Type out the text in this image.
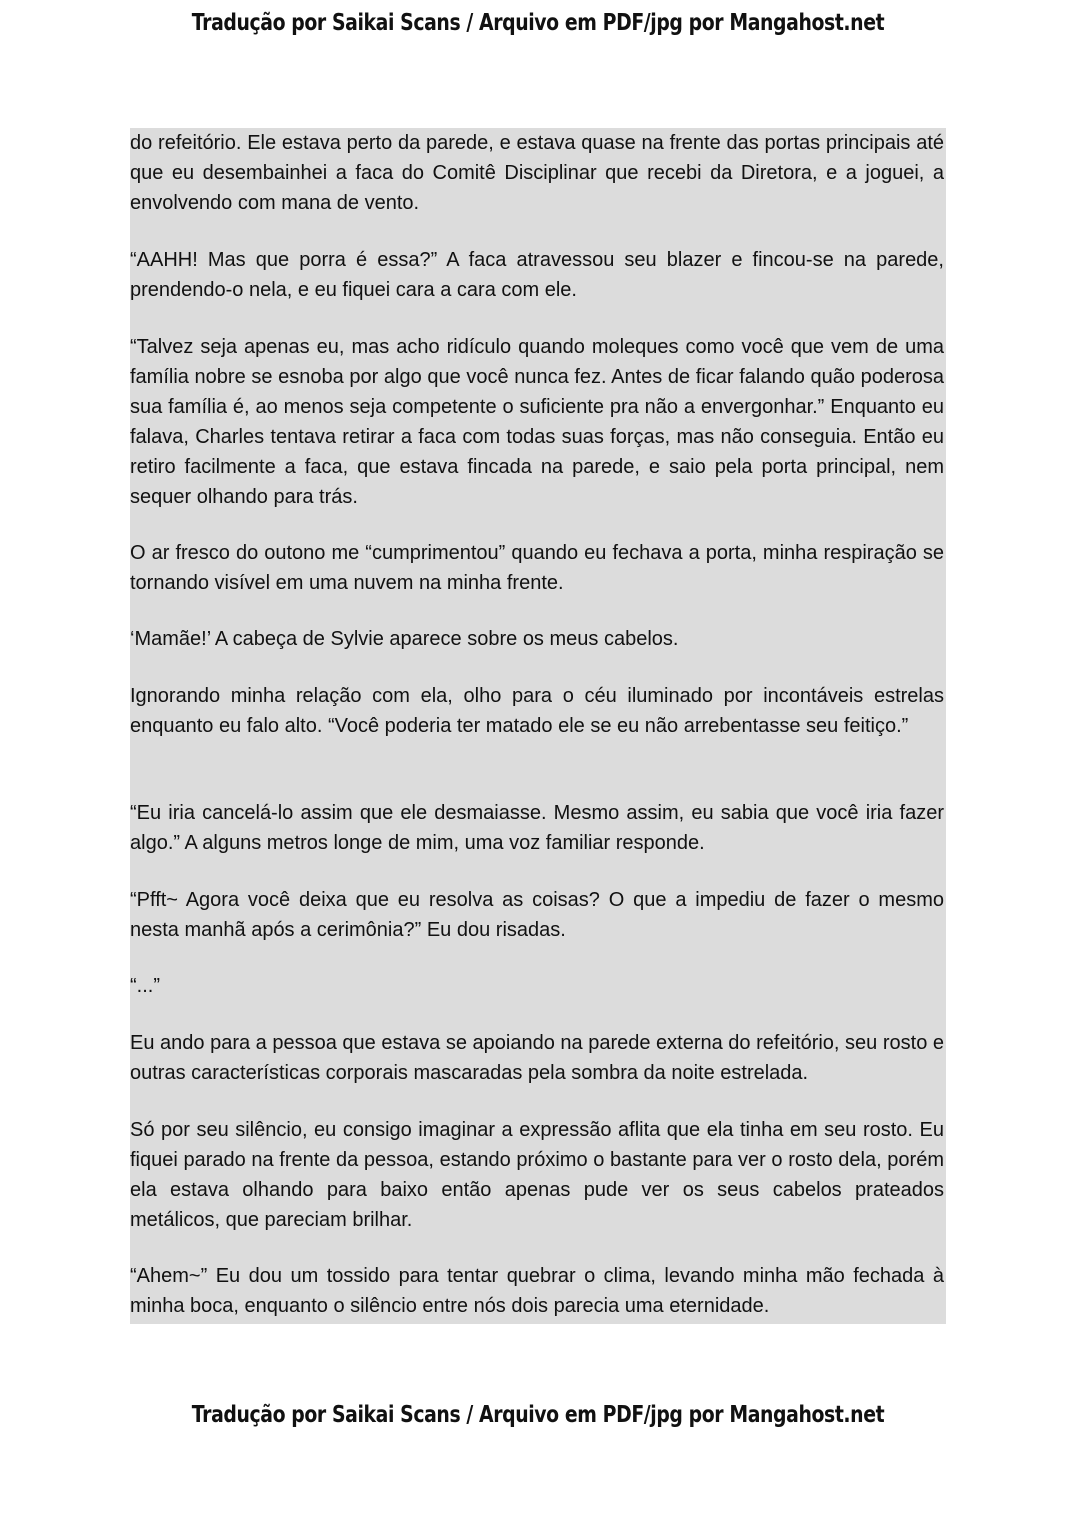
Tradução por Saikai Scans / Arquivo em PDF/jpg por Mangahost.net

do refeitório. Ele estava perto da parede, e estava quase na frente das portas principais até que eu desembainhei a faca do Comitê Disciplinar que recebi da Diretora, e a joguei, a envolvendo com mana de vento.

“AAHH! Mas que porra é essa?” A faca atravessou seu blazer e fincou-se na parede, prendendo-o nela, e eu fiquei cara a cara com ele.

“Talvez seja apenas eu, mas acho ridículo quando moleques como você que vem de uma família nobre se esnoba por algo que você nunca fez. Antes de ficar falando quão poderosa sua família é, ao menos seja competente o suficiente pra não a envergonhar.” Enquanto eu falava, Charles tentava retirar a faca com todas suas forças, mas não conseguia. Então eu retiro facilmente a faca, que estava fincada na parede, e saio pela porta principal, nem sequer olhando para trás.

O ar fresco do outono me “cumprimentou” quando eu fechava a porta, minha respiração se tornando visível em uma nuvem na minha frente.

‘Mamãe!’ A cabeça de Sylvie aparece sobre os meus cabelos.

Ignorando minha relação com ela, olho para o céu iluminado por incontáveis estrelas enquanto eu falo alto. “Você poderia ter matado ele se eu não arrebentasse seu feitiço.”

“Eu iria cancelá-lo assim que ele desmaiasse. Mesmo assim, eu sabia que você iria fazer algo.” A alguns metros longe de mim, uma voz familiar responde.

“Pfft~ Agora você deixa que eu resolva as coisas? O que a impediu de fazer o mesmo nesta manhã após a cerimônia?” Eu dou risadas.

“...”

Eu ando para a pessoa que estava se apoiando na parede externa do refeitório, seu rosto e outras características corporais mascaradas pela sombra da noite estrelada.

Só por seu silêncio, eu consigo imaginar a expressão aflita que ela tinha em seu rosto. Eu fiquei parado na frente da pessoa, estando próximo o bastante para ver o rosto dela, porém ela estava olhando para baixo então apenas pude ver os seus cabelos prateados metálicos, que pareciam brilhar.

“Ahem~” Eu dou um tossido para tentar quebrar o clima, levando minha mão fechada à minha boca, enquanto o silêncio entre nós dois parecia uma eternidade.

Tradução por Saikai Scans / Arquivo em PDF/jpg por Mangahost.net
